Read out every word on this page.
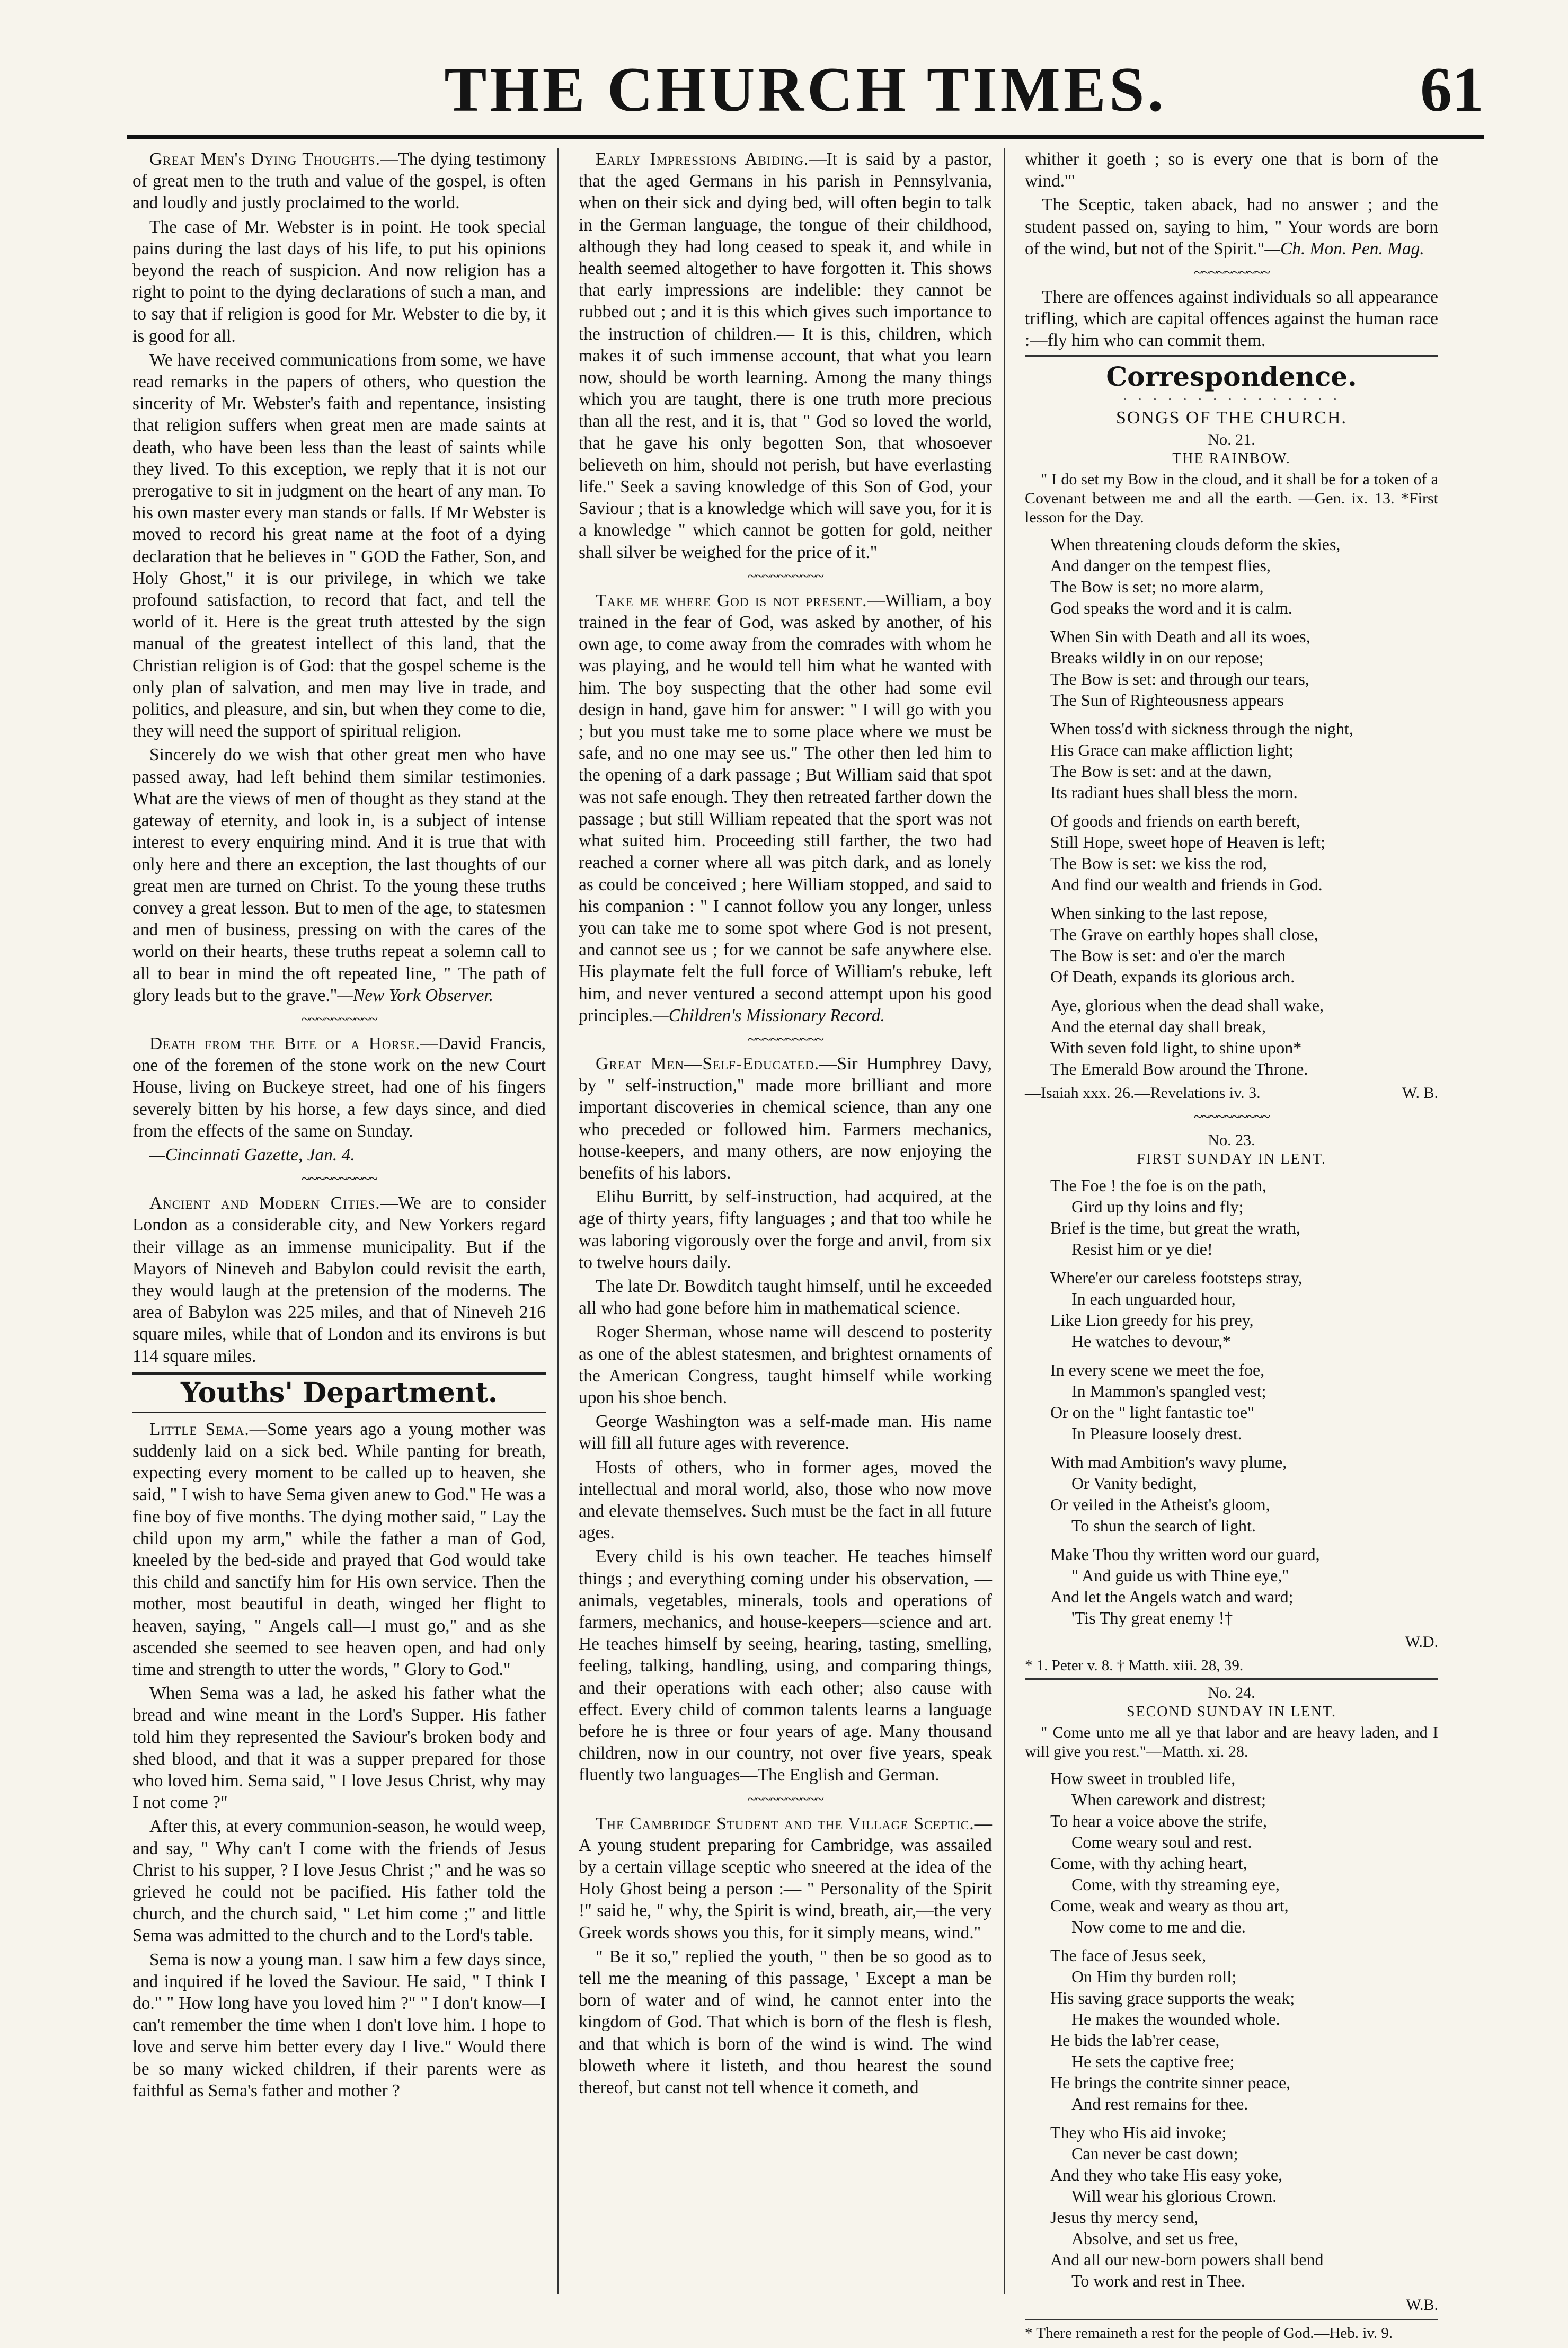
THE CHURCH TIMES.	61

Great Men's Dying Thoughts.—The dying testimony of great men to the truth and value of the gospel, is often and loudly and justly proclaimed to the world.

The case of Mr. Webster is in point. He took special pains during the last days of his life, to put his opinions beyond the reach of suspicion. And now religion has a right to point to the dying declarations of such a man, and to say that if religion is good for Mr. Webster to die by, it is good for all.

We have received communications from some, we have read remarks in the papers of others, who question the sincerity of Mr. Webster's faith and repentance, insisting that religion suffers when great men are made saints at death, who have been less than the least of saints while they lived. To this exception, we reply that it is not our prerogative to sit in judgment on the heart of any man. To his own master every man stands or falls. If Mr Webster is moved to record his great name at the foot of a dying declaration that he believes in " GOD the Father, Son, and Holy Ghost," it is our privilege, in which we take profound satisfaction, to record that fact, and tell the world of it. Here is the great truth attested by the sign manual of the greatest intellect of this land, that the Christian religion is of God: that the gospel scheme is the only plan of salvation, and men may live in trade, and politics, and pleasure, and sin, but when they come to die, they will need the support of spiritual religion.

Sincerely do we wish that other great men who have passed away, had left behind them similar testimonies. What are the views of men of thought as they stand at the gateway of eternity, and look in, is a subject of intense interest to every enquiring mind. And it is true that with only here and there an exception, the last thoughts of our great men are turned on Christ. To the young these truths convey a great lesson. But to men of the age, to statesmen and men of business, pressing on with the cares of the world on their hearts, these truths repeat a solemn call to all to bear in mind the oft repeated line, " The path of glory leads but to the grave."—New York Observer.

~~~~~~~~~~

Death from the Bite of a Horse.—David Francis, one of the foremen of the stone work on the new Court House, living on Buckeye street, had one of his fingers severely bitten by his horse, a few days since, and died from the effects of the same on Sunday.

—Cincinnati Gazette, Jan. 4.

~~~~~~~~~~

Ancient and Modern Cities.—We are to consider London as a considerable city, and New Yorkers regard their village as an immense municipality. But if the Mayors of Nineveh and Babylon could revisit the earth, they would laugh at the pretension of the moderns. The area of Babylon was 225 miles, and that of Nineveh 216 square miles, while that of London and its environs is but 114 square miles.

Youths' Department.

Little Sema.—Some years ago a young mother was suddenly laid on a sick bed. While panting for breath, expecting every moment to be called up to heaven, she said, " I wish to have Sema given anew to God." He was a fine boy of five months. The dying mother said, " Lay the child upon my arm," while the father a man of God, kneeled by the bed-side and prayed that God would take this child and sanctify him for His own service. Then the mother, most beautiful in death, winged her flight to heaven, saying, " Angels call—I must go," and as she ascended she seemed to see heaven open, and had only time and strength to utter the words, " Glory to God."

When Sema was a lad, he asked his father what the bread and wine meant in the Lord's Supper. His father told him they represented the Saviour's broken body and shed blood, and that it was a supper prepared for those who loved him. Sema said, " I love Jesus Christ, why may I not come ?"

After this, at every communion-season, he would weep, and say, " Why can't I come with the friends of Jesus Christ to his supper, ? I love Jesus Christ ;" and he was so grieved he could not be pacified. His father told the church, and the church said, " Let him come ;" and little Sema was admitted to the church and to the Lord's table.

Sema is now a young man. I saw him a few days since, and inquired if he loved the Saviour. He said, " I think I do." " How long have you loved him ?" " I don't know—I can't remember the time when I don't love him. I hope to love and serve him better every day I live." Would there be so many wicked children, if their parents were as faithful as Sema's father and mother ?

Early Impressions Abiding.—It is said by a pastor, that the aged Germans in his parish in Pennsylvania, when on their sick and dying bed, will often begin to talk in the German language, the tongue of their childhood, although they had long ceased to speak it, and while in health seemed altogether to have forgotten it. This shows that early impressions are indelible: they cannot be rubbed out ; and it is this which gives such importance to the instruction of children.— It is this, children, which makes it of such immense account, that what you learn now, should be worth learning. Among the many things which you are taught, there is one truth more precious than all the rest, and it is, that " God so loved the world, that he gave his only begotten Son, that whosoever believeth on him, should not perish, but have everlasting life." Seek a saving knowledge of this Son of God, your Saviour ; that is a knowledge which will save you, for it is a knowledge " which cannot be gotten for gold, neither shall silver be weighed for the price of it."

~~~~~~~~~~

Take me where God is not present.—William, a boy trained in the fear of God, was asked by another, of his own age, to come away from the comrades with whom he was playing, and he would tell him what he wanted with him. The boy suspecting that the other had some evil design in hand, gave him for answer: " I will go with you ; but you must take me to some place where we must be safe, and no one may see us." The other then led him to the opening of a dark passage ; But William said that spot was not safe enough. They then retreated farther down the passage ; but still William repeated that the sport was not what suited him. Proceeding still farther, the two had reached a corner where all was pitch dark, and as lonely as could be conceived ; here William stopped, and said to his companion : " I cannot follow you any longer, unless you can take me to some spot where God is not present, and cannot see us ; for we cannot be safe anywhere else. His playmate felt the full force of William's rebuke, left him, and never ventured a second attempt upon his good principles.—Children's Missionary Record.

~~~~~~~~~~

Great Men—Self-Educated.—Sir Humphrey Davy, by " self-instruction," made more brilliant and more important discoveries in chemical science, than any one who preceded or followed him. Farmers mechanics, house-keepers, and many others, are now enjoying the benefits of his labors.

Elihu Burritt, by self-instruction, had acquired, at the age of thirty years, fifty languages ; and that too while he was laboring vigorously over the forge and anvil, from six to twelve hours daily.

The late Dr. Bowditch taught himself, until he exceeded all who had gone before him in mathematical science.

Roger Sherman, whose name will descend to posterity as one of the ablest statesmen, and brightest ornaments of the American Congress, taught himself while working upon his shoe bench.

George Washington was a self-made man. His name will fill all future ages with reverence.

Hosts of others, who in former ages, moved the intellectual and moral world, also, those who now move and elevate themselves. Such must be the fact in all future ages.

Every child is his own teacher. He teaches himself things ; and everything coming under his observation, —animals, vegetables, minerals, tools and operations of farmers, mechanics, and house-keepers—science and art. He teaches himself by seeing, hearing, tasting, smelling, feeling, talking, handling, using, and comparing things, and their operations with each other; also cause with effect. Every child of common talents learns a language before he is three or four years of age. Many thousand children, now in our country, not over five years, speak fluently two languages—The English and German.

~~~~~~~~~~

The Cambridge Student and the Village Sceptic.—A young student preparing for Cambridge, was assailed by a certain village sceptic who sneered at the idea of the Holy Ghost being a person :— " Personality of the Spirit !" said he, " why, the Spirit is wind, breath, air,—the very Greek words shows you this, for it simply means, wind."

" Be it so," replied the youth, " then be so good as to tell me the meaning of this passage, ' Except a man be born of water and of wind, he cannot enter into the kingdom of God. That which is born of the flesh is flesh, and that which is born of the wind is wind. The wind bloweth where it listeth, and thou hearest the sound thereof, but canst not tell whence it cometh, and

whither it goeth ; so is every one that is born of the wind.'"

The Sceptic, taken aback, had no answer ; and the student passed on, saying to him, " Your words are born of the wind, but not of the Spirit."—Ch. Mon. Pen. Mag.

~~~~~~~~~~

There are offences against individuals so all appearance trifling, which are capital offences against the human race :—fly him who can commit them.

Correspondence.
· · · · · · · · · · · · · · ·
SONGS OF THE CHURCH.
No. 21.
THE RAINBOW.

" I do set my Bow in the cloud, and it shall be for a token of a Covenant between me and all the earth. —Gen. ix. 13. *First lesson for the Day.

When threatening clouds deform the skies,
And danger on the tempest flies,
The Bow is set; no more alarm,
God speaks the word and it is calm.

When Sin with Death and all its woes,
Breaks wildly in on our repose;
The Bow is set: and through our tears,
The Sun of Righteousness appears

When toss'd with sickness through the night,
His Grace can make affliction light;
The Bow is set: and at the dawn,
Its radiant hues shall bless the morn.

Of goods and friends on earth bereft,
Still Hope, sweet hope of Heaven is left;
The Bow is set: we kiss the rod,
And find our wealth and friends in God.

When sinking to the last repose,
The Grave on earthly hopes shall close,
The Bow is set: and o'er the march
Of Death, expands its glorious arch.

Aye, glorious when the dead shall wake,
And the eternal day shall break,
With seven fold light, to shine upon*
The Emerald Bow around the Throne.
—Isaiah xxx. 26.—Revelations iv. 3.	W. B.
~~~~~~~~~~
No. 23.
FIRST SUNDAY IN LENT.
The Foe ! the foe is on the path,
Gird up thy loins and fly;
Brief is the time, but great the wrath,
Resist him or ye die!

Where'er our careless footsteps stray,
In each unguarded hour,
Like Lion greedy for his prey,
He watches to devour,*

In every scene we meet the foe,
In Mammon's spangled vest;
Or on the " light fantastic toe"
In Pleasure loosely drest.

With mad Ambition's wavy plume,
Or Vanity bedight,
Or veiled in the Atheist's gloom,
To shun the search of light.

Make Thou thy written word our guard,
" And guide us with Thine eye,"
And let the Angels watch and ward;
'Tis Thy great enemy !†
W.D.
* 1. Peter v. 8. † Matth. xiii. 28, 39.
No. 24.
SECOND SUNDAY IN LENT.

" Come unto me all ye that labor and are heavy laden, and I will give you rest."—Matth. xi. 28.

How sweet in troubled life,
When carework and distrest;
To hear a voice above the strife,
Come weary soul and rest.
Come, with thy aching heart,
Come, with thy streaming eye,
Come, weak and weary as thou art,
Now come to me and die.

The face of Jesus seek,
On Him thy burden roll;
His saving grace supports the weak;
He makes the wounded whole.
He bids the lab'rer cease,
He sets the captive free;
He brings the contrite sinner peace,
And rest remains for thee.

They who His aid invoke;
Can never be cast down;
And they who take His easy yoke,
Will wear his glorious Crown.
Jesus thy mercy send,
Absolve, and set us free,
And all our new-born powers shall bend
To work and rest in Thee.
W.B.
* There remaineth a rest for the people of God.—Heb. iv. 9.
